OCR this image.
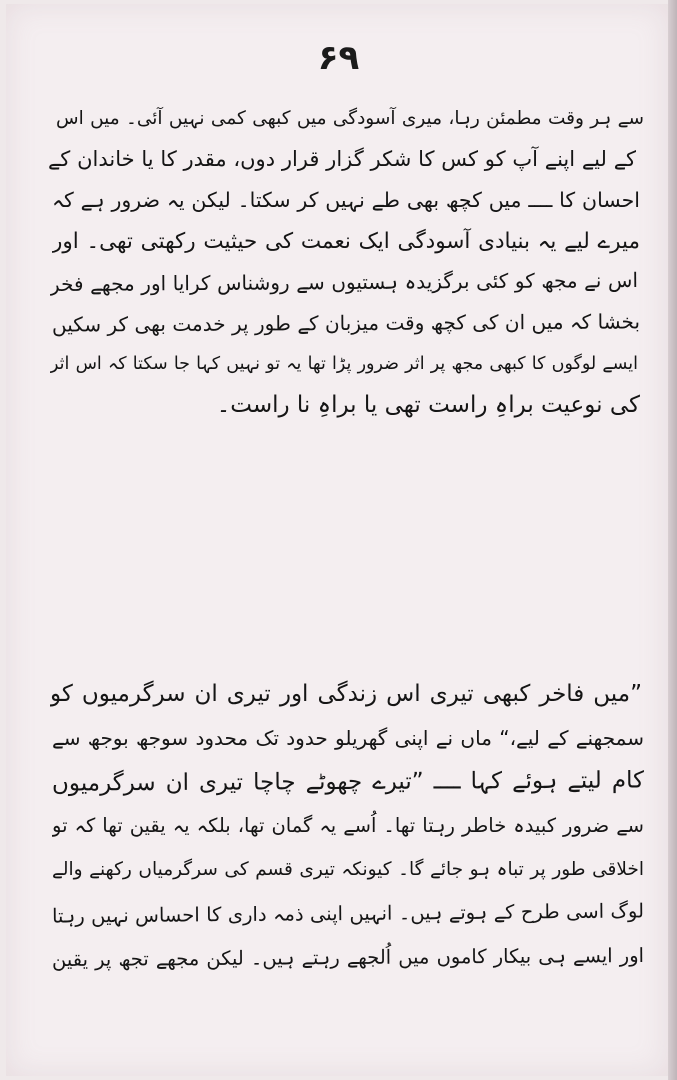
۶۹
سے ہر وقت مطمئن رہا، میری آسودگی میں کبھی کمی نہیں آئی۔ میں اس
کے لیے اپنے آپ کو کس کا شکر گزار قرار دوں، مقدر کا یا خاندان کے
احسان کا ــــ میں کچھ بھی طے نہیں کر سکتا۔ لیکن یہ ضرور ہے کہ
میرے لیے یہ بنیادی آسودگی ایک نعمت کی حیثیت رکھتی تھی۔ اور
اس نے مجھ کو کئی برگزیدہ ہستیوں سے روشناس کرایا اور مجھے فخر
بخشا کہ میں ان کی کچھ وقت میزبان کے طور پر خدمت بھی کر سکیں
ایسے لوگوں کا کبھی مجھ پر اثر ضرور پڑا تھا یہ تو نہیں کہا جا سکتا کہ اس اثر
کی نوعیت براہِ راست تھی یا براہِ نا راست۔
”میں فاخر کبھی تیری اس زندگی اور تیری ان سرگرمیوں کو
سمجھنے کے لیے،“ ماں نے اپنی گھریلو حدود تک محدود سوجھ بوجھ سے
کام لیتے ہوئے کہا ــــ ”تیرے چھوٹے چاچا تیری ان سرگرمیوں
سے ضرور کبیدہ خاطر رہتا تھا۔ اُسے یہ گمان تھا، بلکہ یہ یقین تھا کہ تو
اخلاقی طور پر تباہ ہو جائے گا۔ کیونکہ تیری قسم کی سرگرمیاں رکھنے والے
لوگ اسی طرح کے ہوتے ہیں۔ انہیں اپنی ذمہ داری کا احساس نہیں رہتا
اور ایسے ہی بیکار کاموں میں اُلجھے رہتے ہیں۔ لیکن مجھے تجھ پر یقین
